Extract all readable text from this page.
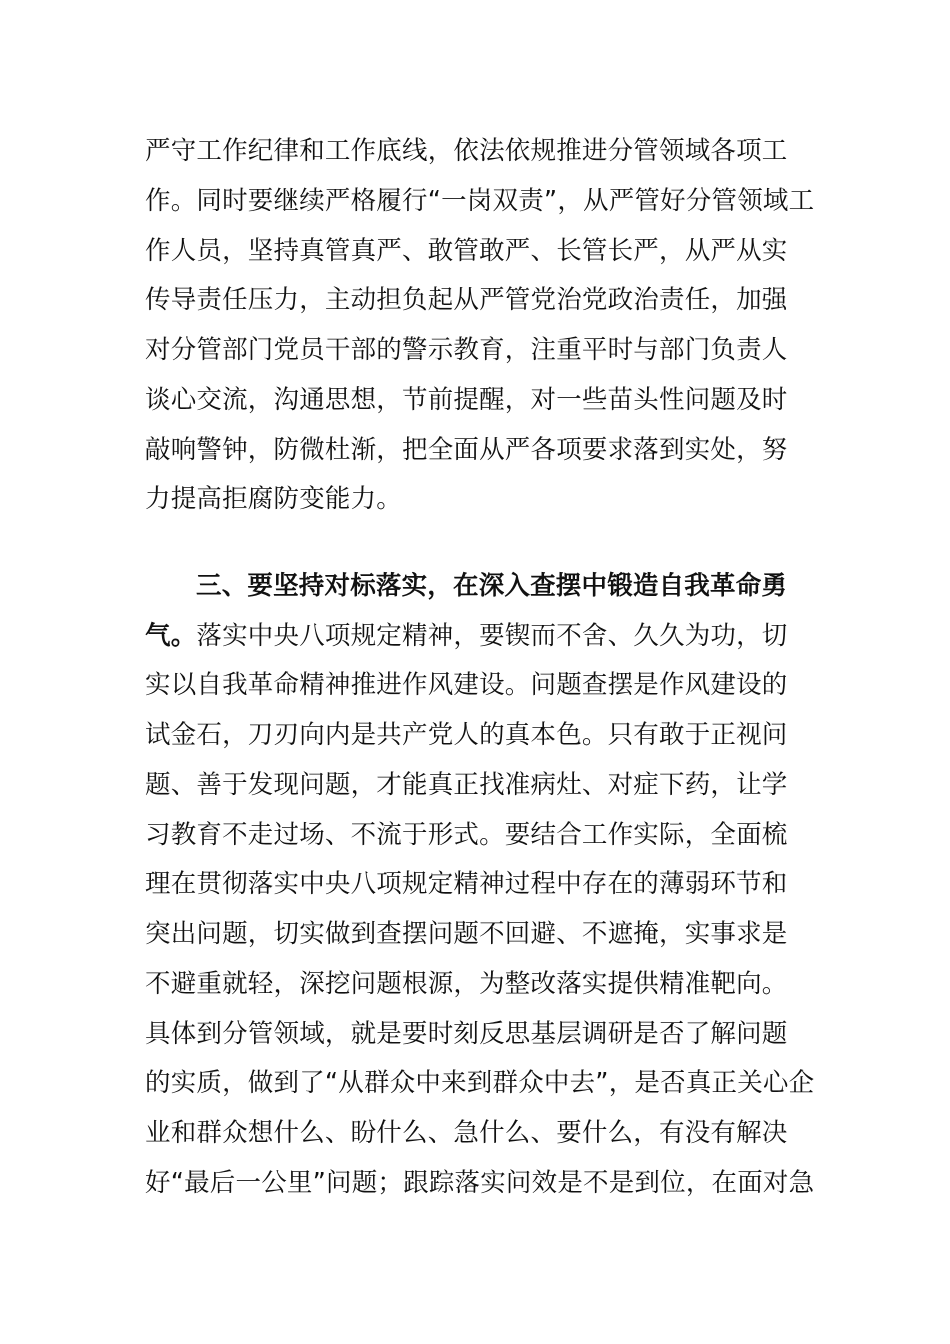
严守工作纪律和工作底线，依法依规推进分管领域各项工
作。同时要继续严格履行“一岗双责”，从严管好分管领域工
作人员，坚持真管真严、敢管敢严、长管长严，从严从实
传导责任压力，主动担负起从严管党治党政治责任，加强
对分管部门党员干部的警示教育，注重平时与部门负责人
谈心交流，沟通思想，节前提醒，对一些苗头性问题及时
敲响警钟，防微杜渐，把全面从严各项要求落到实处，努
力提高拒腐防变能力。
三、要坚持对标落实，在深入查摆中锻造自我革命勇
气。落实中央八项规定精神，要锲而不舍、久久为功，切
实以自我革命精神推进作风建设。问题查摆是作风建设的
试金石，刀刃向内是共产党人的真本色。只有敢于正视问
题、善于发现问题，才能真正找准病灶、对症下药，让学
习教育不走过场、不流于形式。要结合工作实际，全面梳
理在贯彻落实中央八项规定精神过程中存在的薄弱环节和
突出问题，切实做到查摆问题不回避、不遮掩，实事求是
不避重就轻，深挖问题根源，为整改落实提供精准靶向。
具体到分管领域，就是要时刻反思基层调研是否了解问题
的实质，做到了“从群众中来到群众中去”，是否真正关心企
业和群众想什么、盼什么、急什么、要什么，有没有解决
好“最后一公里”问题；跟踪落实问效是不是到位，在面对急
